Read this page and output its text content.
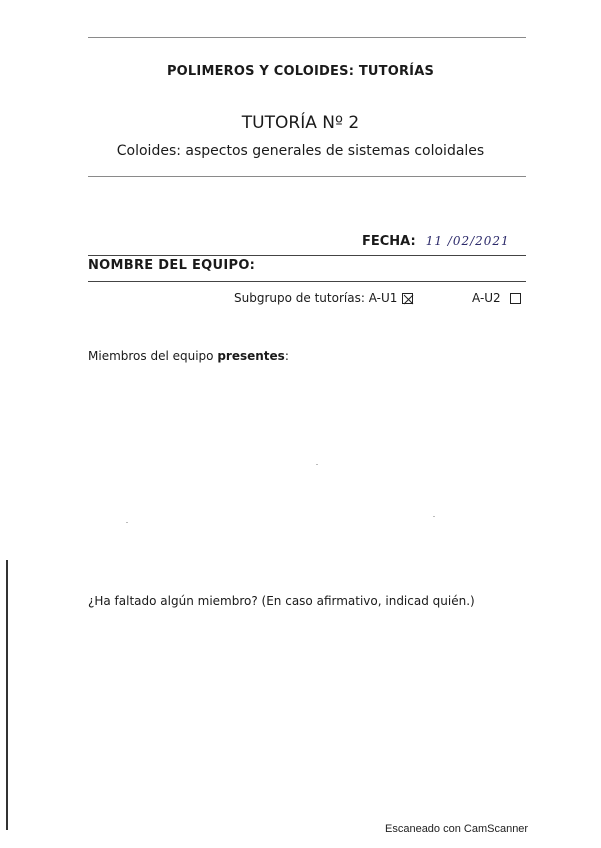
POLIMEROS Y COLOIDES: TUTORÍAS
TUTORÍA Nº 2
Coloides: aspectos generales de sistemas coloidales
FECHA: 11 /02/2021
NOMBRE DEL EQUIPO:
Subgrupo de tutorías: A-U1	A-U2
Miembros del equipo presentes:
¿Ha faltado algún miembro? (En caso afirmativo, indicad quién.)
Escaneado con CamScanner
